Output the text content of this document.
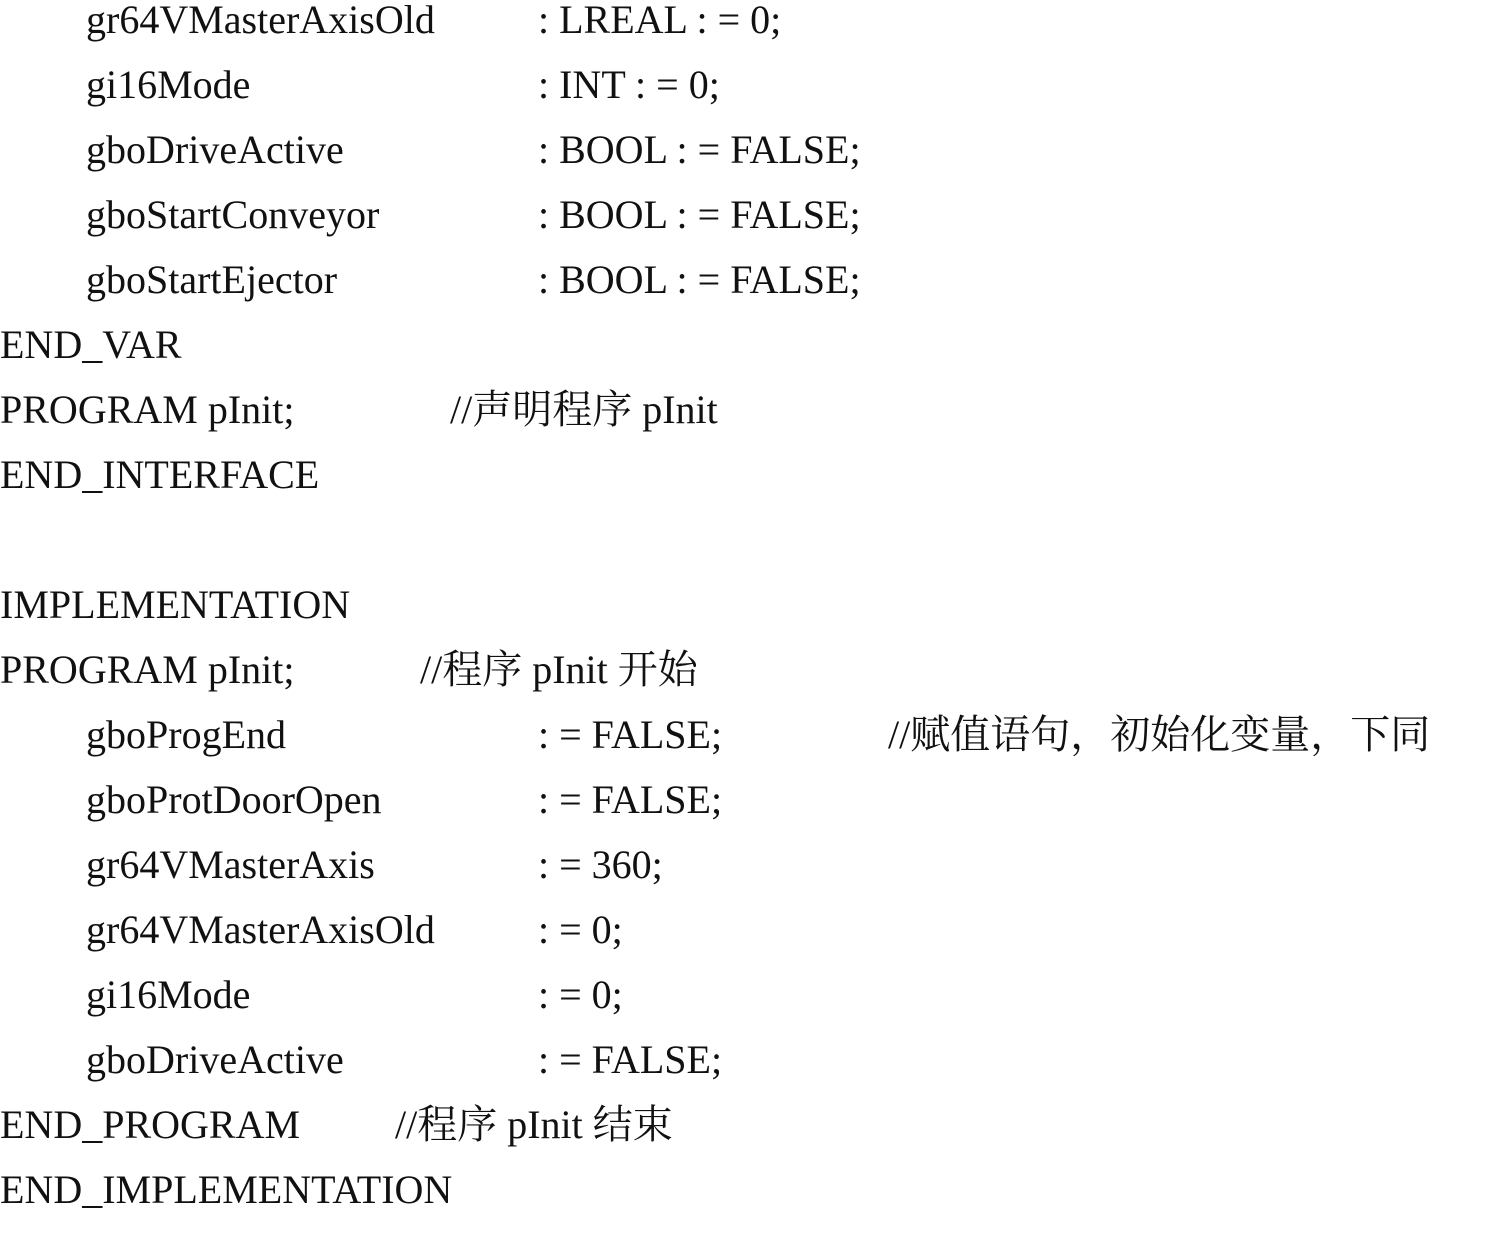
gr64VMasterAxisOld	: LREAL : = 0;
gi16Mode	: INT : = 0;
gboDriveActive	: BOOL : = FALSE;
gboStartConveyor	: BOOL : = FALSE;
gboStartEjector	: BOOL : = FALSE;
END_VAR
PROGRAM pInit;	//声明程序 pInit
END_INTERFACE
IMPLEMENTATION
PROGRAM pInit;	//程序 pInit 开始
gboProgEnd	: = FALSE;	//赋值语句，初始化变量，下同
gboProtDoorOpen	: = FALSE;
gr64VMasterAxis	: = 360;
gr64VMasterAxisOld	: = 0;
gi16Mode	: = 0;
gboDriveActive	: = FALSE;
END_PROGRAM //程序 pInit 结束
END_IMPLEMENTATION
